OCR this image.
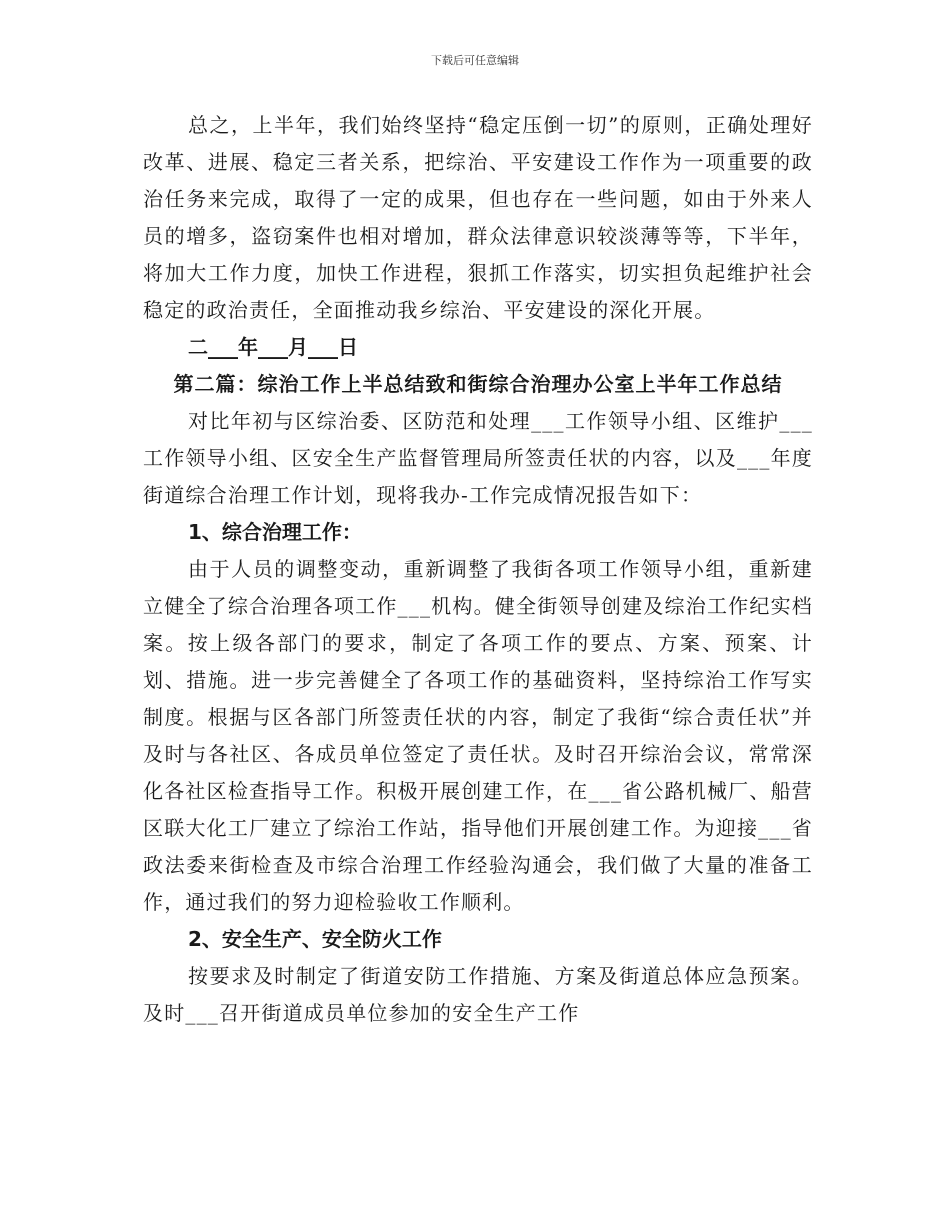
下载后可任意编辑

总之，上半年，我们始终坚持“稳定压倒一切”的原则，正确处理好改革、进展、稳定三者关系，把综治、平安建设工作作为一项重要的政治任务来完成，取得了一定的成果，但也存在一些问题，如由于外来人员的增多，盗窃案件也相对增加，群众法律意识较淡薄等等，下半年，将加大工作力度，加快工作进程，狠抓工作落实，切实担负起维护社会稳定的政治责任，全面推动我乡综治、平安建设的深化开展。

二___年___月___日

第二篇：综治工作上半总结致和街综合治理办公室上半年工作总结

对比年初与区综治委、区防范和处理___工作领导小组、区维护___工作领导小组、区安全生产监督管理局所签责任状的内容，以及___年度街道综合治理工作计划，现将我办-工作完成情况报告如下：

1、综合治理工作：

由于人员的调整变动，重新调整了我街各项工作领导小组，重新建立健全了综合治理各项工作___机构。健全街领导创建及综治工作纪实档案。按上级各部门的要求，制定了各项工作的要点、方案、预案、计划、措施。进一步完善健全了各项工作的基础资料，坚持综治工作写实制度。根据与区各部门所签责任状的内容，制定了我街“综合责任状”并及时与各社区、各成员单位签定了责任状。及时召开综治会议，常常深化各社区检查指导工作。积极开展创建工作，在___省公路机械厂、船营区联大化工厂建立了综治工作站，指导他们开展创建工作。为迎接___省政法委来街检查及市综合治理工作经验沟通会，我们做了大量的准备工作，通过我们的努力迎检验收工作顺利。

2、安全生产、安全防火工作

按要求及时制定了街道安防工作措施、方案及街道总体应急预案。及时___召开街道成员单位参加的安全生产工作
